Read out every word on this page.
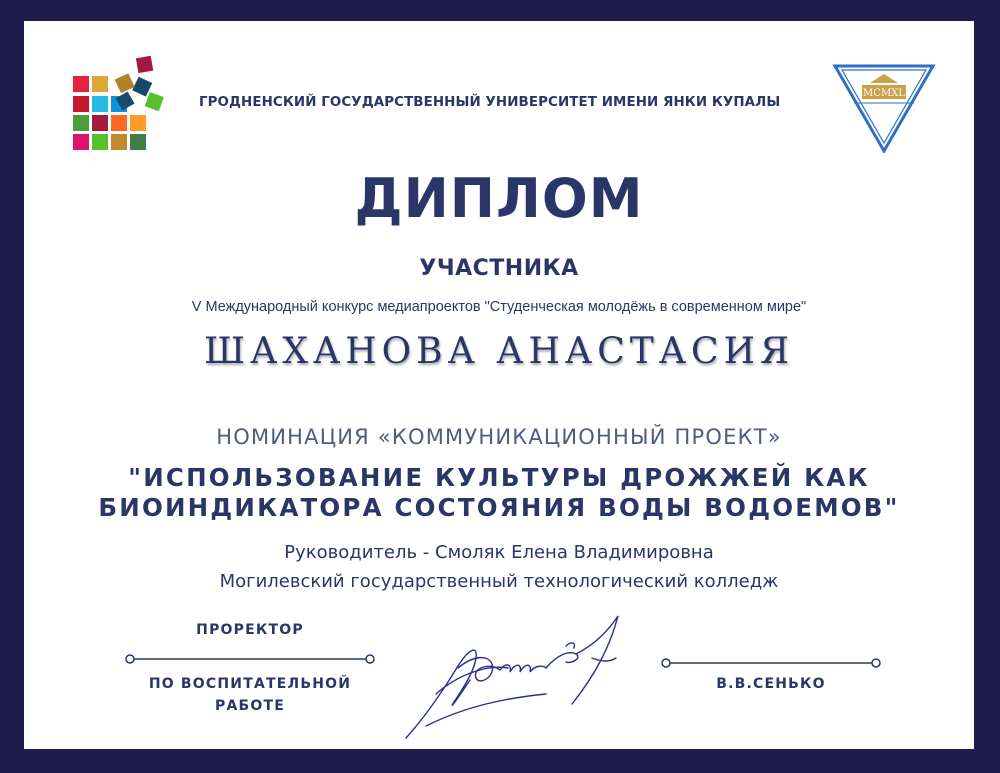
ГРОДНЕНСКИЙ ГОСУДАРСТВЕННЫЙ УНИВЕРСИТЕТ ИМЕНИ ЯНКИ КУПАЛЫ
MCMXL
ДИПЛОМ
УЧАСТНИКА
V Международный конкурс медиапроектов "Студенческая молодёжь в современном мире"
ШАХАНОВА АНАСТАСИЯ
НОМИНАЦИЯ «КОММУНИКАЦИОННЫЙ ПРОЕКТ»
"ИСПОЛЬЗОВАНИЕ КУЛЬТУРЫ ДРОЖЖЕЙ КАК
БИОИНДИКАТОРА СОСТОЯНИЯ ВОДЫ ВОДОЕМОВ"
Руководитель - Смоляк Елена Владимировна
Могилевский государственный технологический колледж
ПРОРЕКТОР
ПО ВОСПИТАТЕЛЬНОЙ
РАБОТЕ
В.В.СЕНЬКО
